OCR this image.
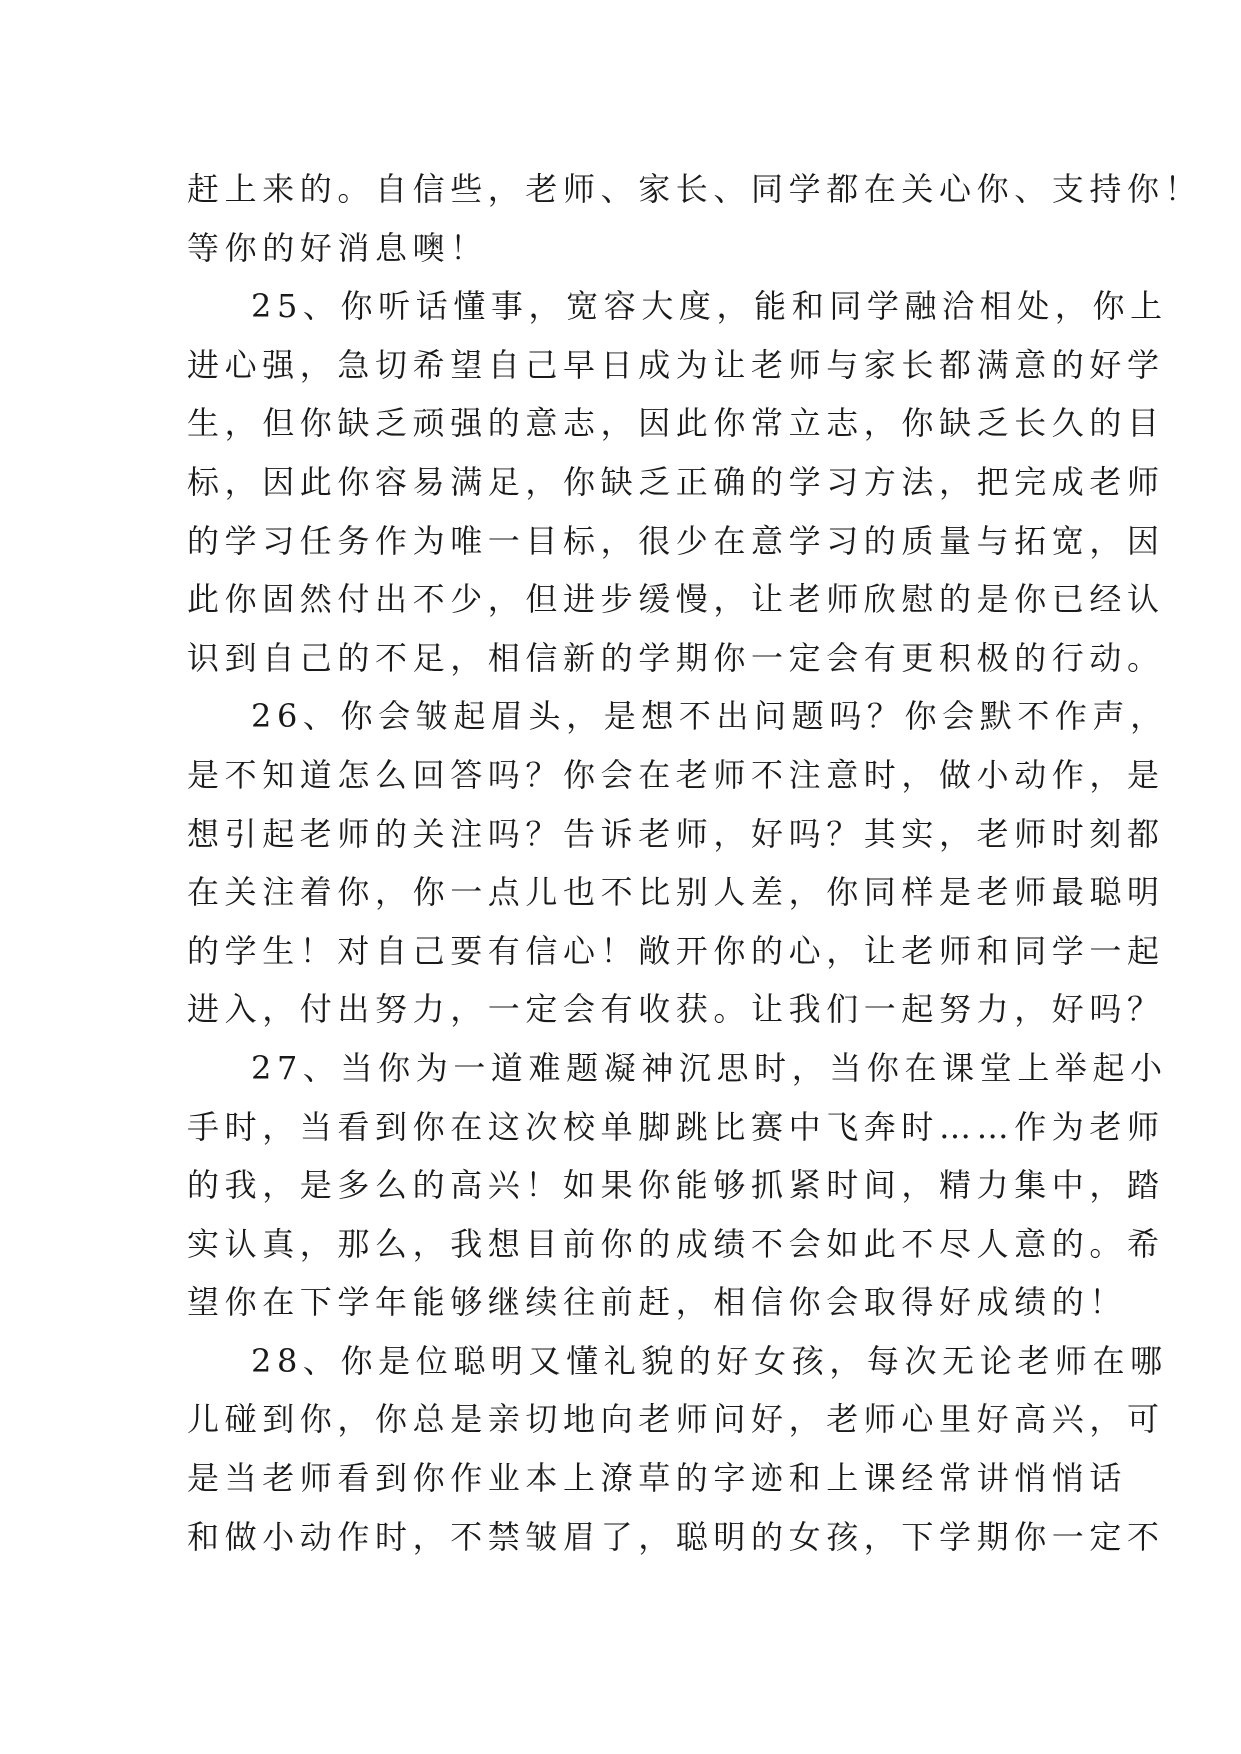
赶上来的。自信些，老师、家长、同学都在关心你、支持你！
等你的好消息噢！
25、你听话懂事，宽容大度，能和同学融洽相处，你上
进心强，急切希望自己早日成为让老师与家长都满意的好学
生，但你缺乏顽强的意志，因此你常立志，你缺乏长久的目
标，因此你容易满足，你缺乏正确的学习方法，把完成老师
的学习任务作为唯一目标，很少在意学习的质量与拓宽，因
此你固然付出不少，但进步缓慢，让老师欣慰的是你已经认
识到自己的不足，相信新的学期你一定会有更积极的行动。
26、你会皱起眉头，是想不出问题吗？你会默不作声，
是不知道怎么回答吗？你会在老师不注意时，做小动作，是
想引起老师的关注吗？告诉老师，好吗？其实，老师时刻都
在关注着你，你一点儿也不比别人差，你同样是老师最聪明
的学生！对自己要有信心！敞开你的心，让老师和同学一起
进入，付出努力，一定会有收获。让我们一起努力，好吗？
27、当你为一道难题凝神沉思时，当你在课堂上举起小
手时，当看到你在这次校单脚跳比赛中飞奔时……作为老师
的我，是多么的高兴！如果你能够抓紧时间，精力集中，踏
实认真，那么，我想目前你的成绩不会如此不尽人意的。希
望你在下学年能够继续往前赶，相信你会取得好成绩的！
28、你是位聪明又懂礼貌的好女孩，每次无论老师在哪
儿碰到你，你总是亲切地向老师问好，老师心里好高兴，可
是当老师看到你作业本上潦草的字迹和上课经常讲悄悄话
和做小动作时，不禁皱眉了，聪明的女孩，下学期你一定不
